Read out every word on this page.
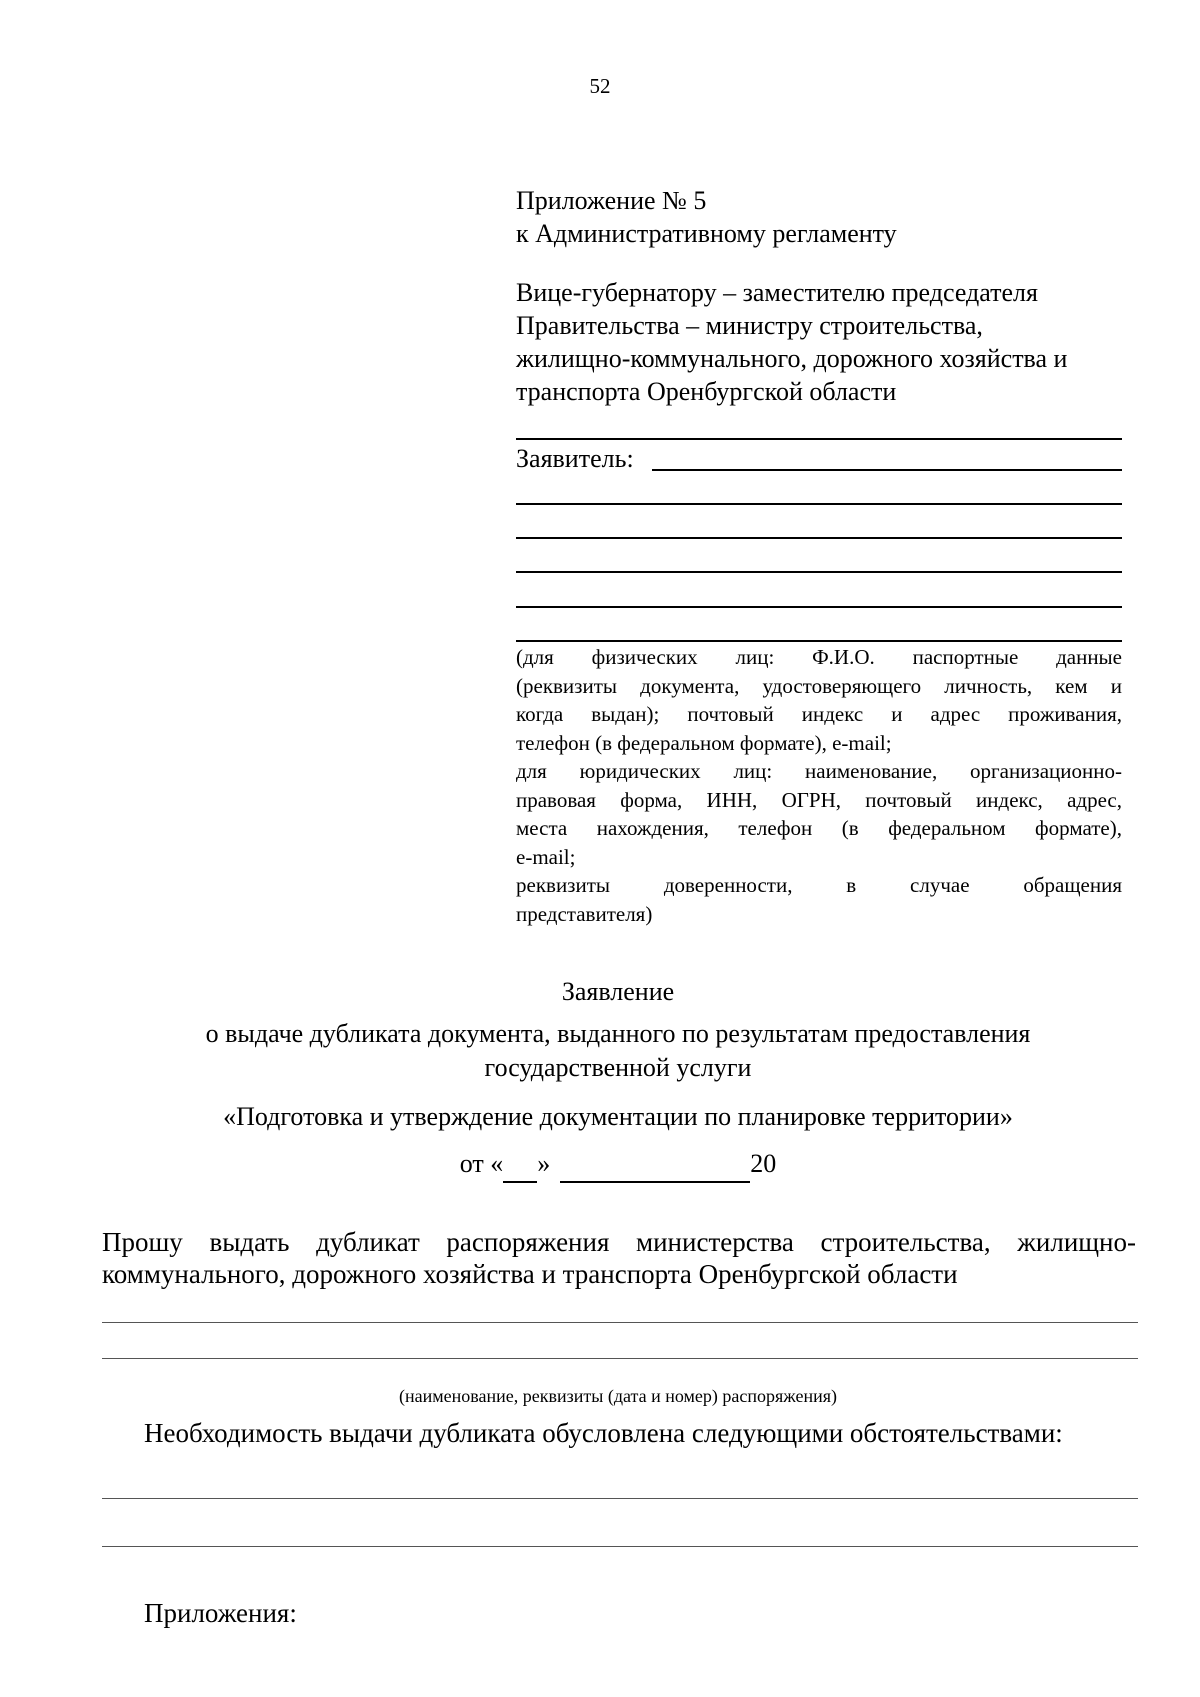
52
Приложение № 5
к Административному регламенту
Вице-губернатору – заместителю председателя
Правительства – министру строительства,
жилищно-коммунального, дорожного хозяйства и
транспорта Оренбургской области
Заявитель:
(для физических лиц: Ф.И.О. паспортные данные
(реквизиты документа, удостоверяющего личность, кем и
когда выдан); почтовый индекс и адрес проживания,
телефон (в федеральном формате), e-mail;
для юридических лиц: наименование, организационно-
правовая форма, ИНН, ОГРН, почтовый индекс, адрес,
места нахождения, телефон (в федеральном формате),
e-mail;
реквизиты доверенности, в случае обращения
представителя)
Заявление
о выдаче дубликата документа, выданного по результатам предоставления
государственной услуги
«Подготовка и утверждение документации по планировке территории»
от « »	20
Прошу выдать дубликат распоряжения министерства строительства, жилищно-коммунального, дорожного хозяйства и транспорта Оренбургской области
(наименование, реквизиты (дата и номер) распоряжения)
Необходимость выдачи дубликата обусловлена следующими обстоятельствами:
Приложения:
